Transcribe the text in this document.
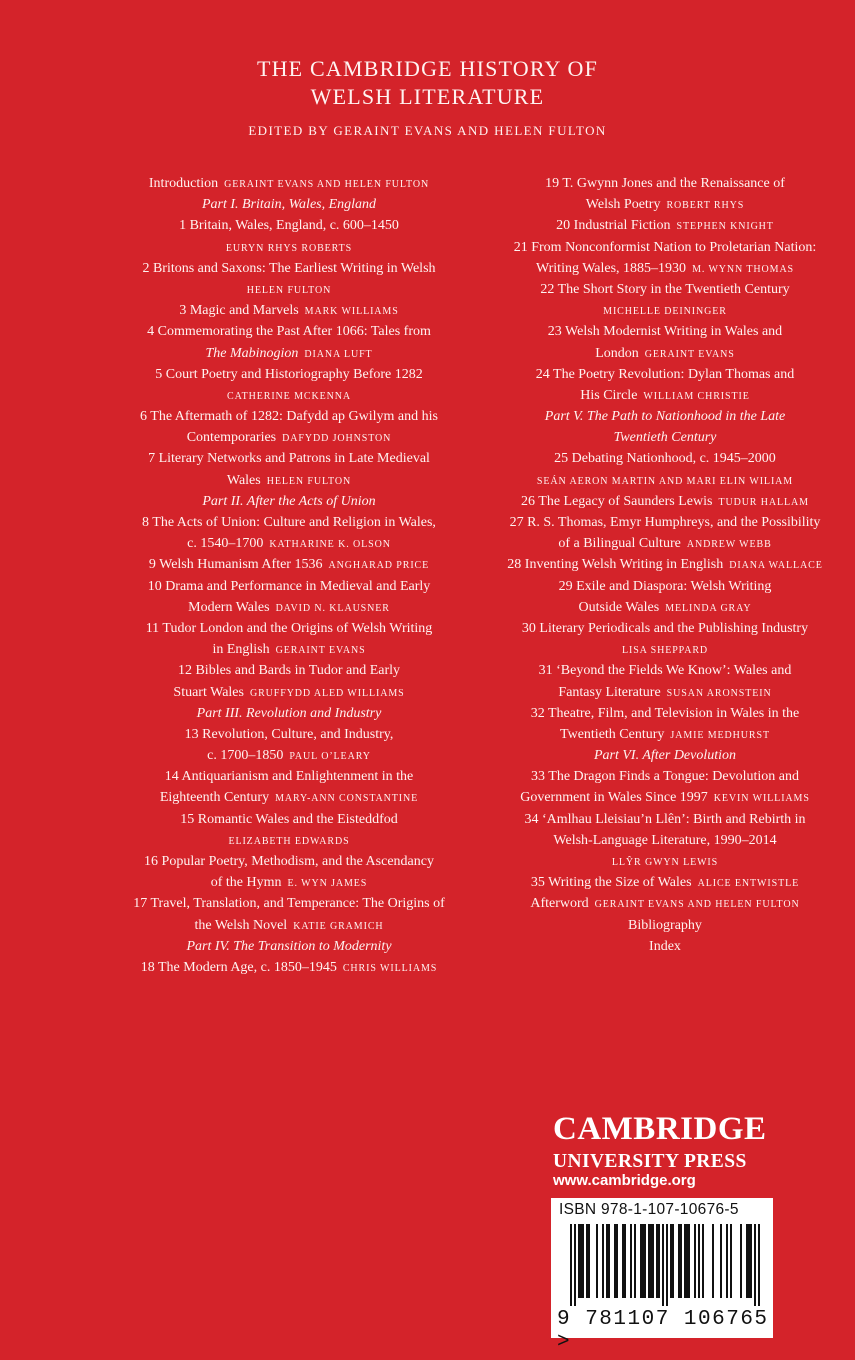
THE CAMBRIDGE HISTORY OF
WELSH LITERATURE
EDITED BY GERAINT EVANS AND HELEN FULTON
Introduction GERAINT EVANS AND HELEN FULTON
Part I. Britain, Wales, England
1 Britain, Wales, England, c. 600–1450
EURYN RHYS ROBERTS
2 Britons and Saxons: The Earliest Writing in Welsh
HELEN FULTON
3 Magic and Marvels MARK WILLIAMS
4 Commemorating the Past After 1066: Tales from
The Mabinogion DIANA LUFT
5 Court Poetry and Historiography Before 1282
CATHERINE MCKENNA
6 The Aftermath of 1282: Dafydd ap Gwilym and his
Contemporaries DAFYDD JOHNSTON
7 Literary Networks and Patrons in Late Medieval
Wales HELEN FULTON
Part II. After the Acts of Union
8 The Acts of Union: Culture and Religion in Wales,
c. 1540–1700 KATHARINE K. OLSON
9 Welsh Humanism After 1536 ANGHARAD PRICE
10 Drama and Performance in Medieval and Early
Modern Wales DAVID N. KLAUSNER
11 Tudor London and the Origins of Welsh Writing
in English GERAINT EVANS
12 Bibles and Bards in Tudor and Early
Stuart Wales GRUFFYDD ALED WILLIAMS
Part III. Revolution and Industry
13 Revolution, Culture, and Industry,
c. 1700–1850 PAUL O’LEARY
14 Antiquarianism and Enlightenment in the
Eighteenth Century MARY-ANN CONSTANTINE
15 Romantic Wales and the Eisteddfod
ELIZABETH EDWARDS
16 Popular Poetry, Methodism, and the Ascendancy
of the Hymn E. WYN JAMES
17 Travel, Translation, and Temperance: The Origins of
the Welsh Novel KATIE GRAMICH
Part IV. The Transition to Modernity
18 The Modern Age, c. 1850–1945 CHRIS WILLIAMS
19 T. Gwynn Jones and the Renaissance of
Welsh Poetry ROBERT RHYS
20 Industrial Fiction STEPHEN KNIGHT
21 From Nonconformist Nation to Proletarian Nation:
Writing Wales, 1885–1930 M. WYNN THOMAS
22 The Short Story in the Twentieth Century
MICHELLE DEININGER
23 Welsh Modernist Writing in Wales and
London GERAINT EVANS
24 The Poetry Revolution: Dylan Thomas and
His Circle WILLIAM CHRISTIE
Part V. The Path to Nationhood in the Late
Twentieth Century
25 Debating Nationhood, c. 1945–2000
SEÁN AERON MARTIN AND MARI ELIN WILIAM
26 The Legacy of Saunders Lewis TUDUR HALLAM
27 R. S. Thomas, Emyr Humphreys, and the Possibility
of a Bilingual Culture ANDREW WEBB
28 Inventing Welsh Writing in English DIANA WALLACE
29 Exile and Diaspora: Welsh Writing
Outside Wales MELINDA GRAY
30 Literary Periodicals and the Publishing Industry
LISA SHEPPARD
31 ‘Beyond the Fields We Know’: Wales and
Fantasy Literature SUSAN ARONSTEIN
32 Theatre, Film, and Television in Wales in the
Twentieth Century JAMIE MEDHURST
Part VI. After Devolution
33 The Dragon Finds a Tongue: Devolution and
Government in Wales Since 1997 KEVIN WILLIAMS
34 ‘Amlhau Lleisiau’n Llên’: Birth and Rebirth in
Welsh-Language Literature, 1990–2014
LLŶR GWYN LEWIS
35 Writing the Size of Wales ALICE ENTWISTLE
Afterword GERAINT EVANS AND HELEN FULTON
Bibliography
Index
CAMBRIDGE
UNIVERSITY PRESS
www.cambridge.org
ISBN 978-1-107-10676-5
9 781107 106765 >
